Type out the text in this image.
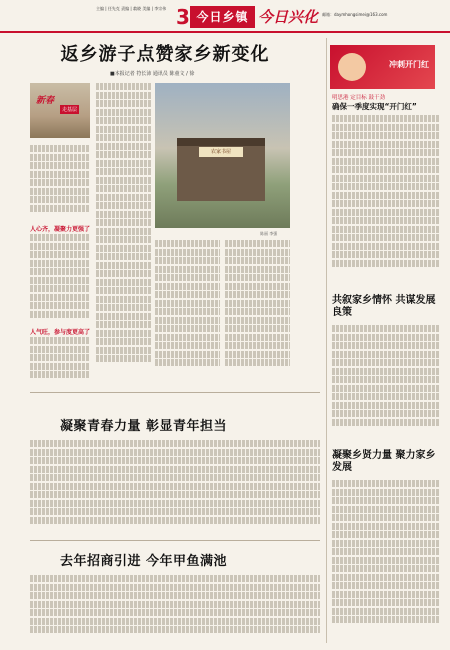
主编 | 任先克 责编 | 翁晓 美编 | 李宗伟 3 今日乡镇 今日兴化 邮箱：daymhongsimei@163.com
返乡游子点赞家乡新变化
■本报记者 符长沛 通讯员 陈童文 / 徐
新春
走基层
人心齐，凝聚力更强了
人气旺，参与度更高了
农家书屋
陈丽 李强
凝聚青春力量 彰显青年担当
去年招商引进 今年甲鱼满池
冲刺开门红
明思港 定目标 鼓干劲
确保一季度实现“开门红”
共叙家乡情怀 共谋发展良策
凝聚乡贤力量 聚力家乡发展
